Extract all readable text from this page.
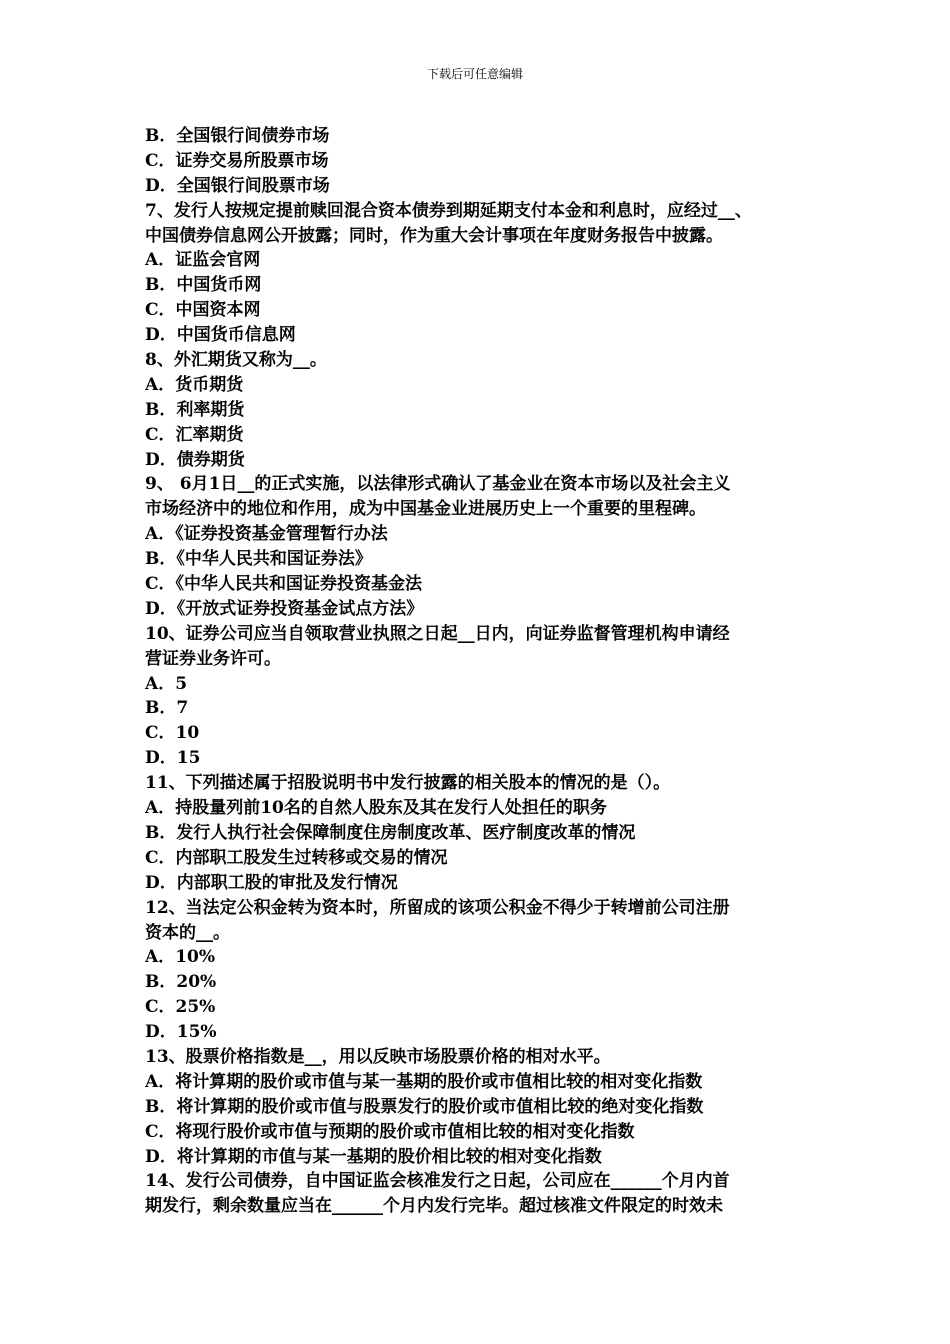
下载后可任意编辑
B．全国银行间债券市场
C．证券交易所股票市场
D．全国银行间股票市场
7、发行人按规定提前赎回混合资本债券到期延期支付本金和利息时，应经过__、
中国债券信息网公开披露；同时，作为重大会计事项在年度财务报告中披露。
A．证监会官网
B．中国货币网
C．中国资本网
D．中国货币信息网
8、外汇期货又称为__。
A．货币期货
B．利率期货
C．汇率期货
D．债券期货
9、 6月1日__的正式实施，以法律形式确认了基金业在资本市场以及社会主义
市场经济中的地位和作用，成为中国基金业进展历史上一个重要的里程碑。
A．《证券投资基金管理暂行办法
B．《中华人民共和国证券法》
C．《中华人民共和国证券投资基金法
D．《开放式证券投资基金试点方法》
10、证券公司应当自领取营业执照之日起__日内，向证券监督管理机构申请经
营证券业务许可。
A．5
B．7
C．10
D．15
11、下列描述属于招股说明书中发行披露的相关股本的情况的是（）。
A．持股量列前10名的自然人股东及其在发行人处担任的职务
B．发行人执行社会保障制度住房制度改革、医疗制度改革的情况
C．内部职工股发生过转移或交易的情况
D．内部职工股的审批及发行情况
12、当法定公积金转为资本时，所留成的该项公积金不得少于转增前公司注册
资本的__。
A．10%
B．20%
C．25%
D．15%
13、股票价格指数是__，用以反映市场股票价格的相对水平。
A．将计算期的股价或市值与某一基期的股价或市值相比较的相对变化指数
B．将计算期的股价或市值与股票发行的股价或市值相比较的绝对变化指数
C．将现行股价或市值与预期的股价或市值相比较的相对变化指数
D．将计算期的市值与某一基期的股价相比较的相对变化指数
14、发行公司债券，自中国证监会核准发行之日起，公司应在______个月内首
期发行，剩余数量应当在______个月内发行完毕。超过核准文件限定的时效未
